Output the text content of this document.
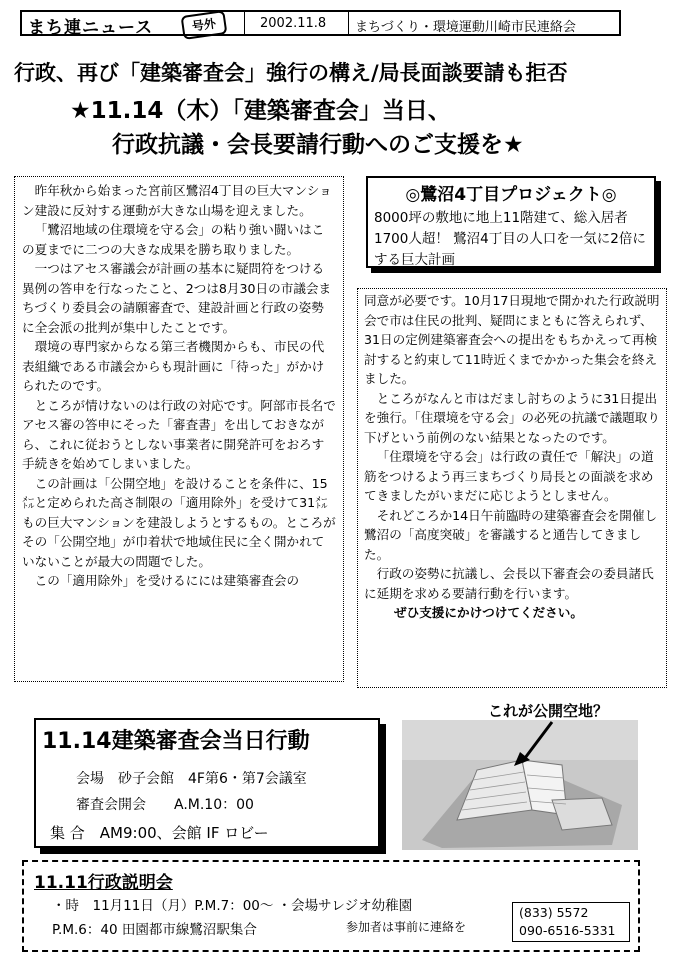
まち連ニュース	号外	2002.11.8 まちづくり・環境運動川崎市民連絡会
行政、再び「建築審査会」強行の構え/局長面談要請も拒否
★11.14（木）「建築審査会」当日、
行政抗議・会長要請行動へのご支援を★

昨年秋から始まった宮前区鷺沼4丁目の巨大マンション建設に反対する運動が大きな山場を迎えました。

「鷺沼地域の住環境を守る会」の粘り強い闘いはこの夏までに二つの大きな成果を勝ち取りました。

一つはアセス審議会が計画の基本に疑問符をつける異例の答申を行なったこと、2つは8月30日の市議会まちづくり委員会の請願審査で、建設計画と行政の姿勢に全会派の批判が集中したことです。

環境の専門家からなる第三者機関からも、市民の代表組織である市議会からも現計画に「待った」がかけられたのです。

ところが情けないのは行政の対応です。阿部市長名でアセス審の答申にそった「審査書」を出しておきながら、これに従おうとしない事業者に開発許可をおろす手続きを始めてしまいました。

この計画は「公開空地」を設けることを条件に、15㍍と定められた高さ制限の「適用除外」を受けて31㍍もの巨大マンションを建設しようとするもの。ところがその「公開空地」が巾着状で地域住民に全く開かれていないことが最大の問題でした。

この「適用除外」を受けるにには建築審査会の

◎鷺沼4丁目プロジェクト◎
8000坪の敷地に地上11階建て、総入居者1700人超！ 鷺沼4丁目の人口を一気に2倍にする巨大計画

同意が必要です。10月17日現地で開かれた行政説明会で市は住民の批判、疑問にまともに答えられず、31日の定例建築審査会への提出をもちかえって再検討すると約束して11時近くまでかかった集会を終えました。

ところがなんと市はだまし討ちのように31日提出を強行。「住環境を守る会」の必死の抗議で議題取り下げという前例のない結果となったのです。

「住環境を守る会」は行政の責任で「解決」の道筋をつけるよう再三まちづくり局長との面談を求めてきましたがいまだに応じようとしません。

それどころか14日午前臨時の建築審査会を開催し鷺沼の「高度突破」を審議すると通告してきました。

行政の姿勢に抗議し、会長以下審査会の委員諸氏に延期を求める要請行動を行います。

ぜひ支援にかけつけてください。

11.14建築審査会当日行動
会場　砂子会館　4F第6・第7会議室
審査会開会　　A.M.10：00
集 合　AM9:00、会館 IF ロビー
これが公開空地？
11.11行政説明会
・時　11月11日（月）P.M.7：00～ ・会場サレジオ幼稚園
P.M.6：40 田園都市線鷺沼駅集合	参加者は事前に連絡を
(833) 5572
090-6516-5331
